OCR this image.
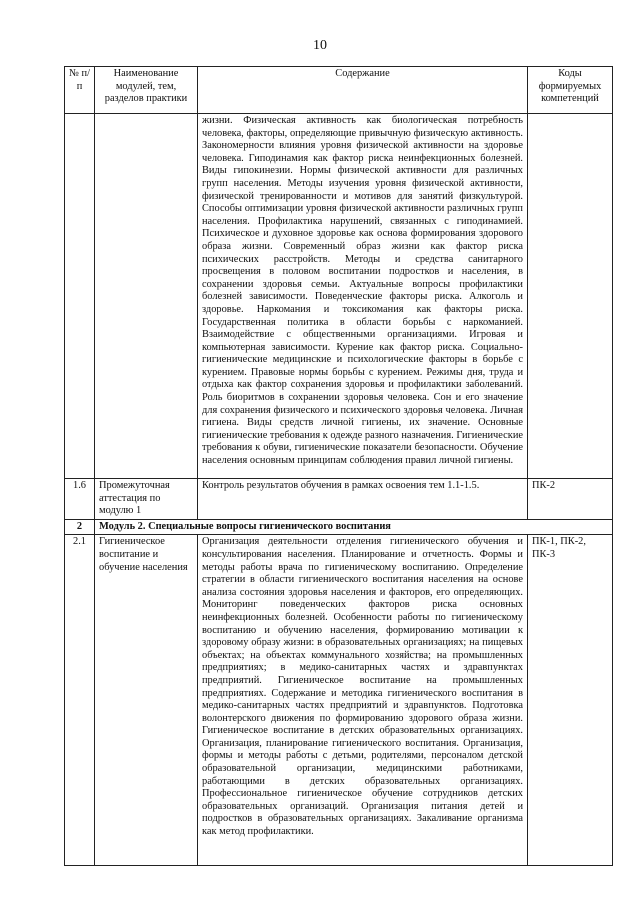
10
№ п/п	Наименование модулей, тем, разделов практики	Содержание	Коды формируемых компетенций

		жизни. Физическая активность как биологическая потребность человека, факторы, определяющие привычную физическую активность. Закономерности влияния уровня физической активности на здоровье человека. Гиподинамия как фактор риска неинфекционных болезней. Виды гипокинезии. Нормы физической активности для различных групп населения. Методы изучения уровня физической активности, физической тренированности и мотивов для занятий физкультурой. Способы оптимизации уровня физической активности различных групп населения. Профилактика нарушений, связанных с гиподинамией. Психическое и духовное здоровье как основа формирования здорового образа жизни. Современный образ жизни как фактор риска психических расстройств. Методы и средства санитарного просвещения в половом воспитании подростков и населения, в сохранении здоровья семьи. Актуальные вопросы профилактики болезней зависимости. Поведенческие факторы риска. Алкоголь и здоровье. Наркомания и токсикомания как факторы риска. Государственная политика в области борьбы с наркоманией. Взаимодействие с общественными организациями. Игровая и компьютерная зависимости. Курение как фактор риска. Социально-гигиенические медицинские и психологические факторы в борьбе с курением. Правовые нормы борьбы с курением. Режимы дня, труда и отдыха как фактор сохранения здоровья и профилактики заболеваний. Роль биоритмов в сохранении здоровья человека. Сон и его значение для сохранения физического и психического здоровья человека. Личная гигиена. Виды средств личной гигиены, их значение. Основные гигиенические требования к одежде разного назначения. Гигиенические требования к обуви, гигиенические показатели безопасности. Обучение населения основным принципам соблюдения правил личной гигиены.	

1.6	Промежуточная аттестация по модулю 1	Контроль результатов обучения в рамках освоения тем 1.1-1.5.	ПК-2
2	Модуль 2. Специальные вопросы гигиенического воспитания		
2.1	Гигиеническое воспитание и обучение населения	Организация деятельности отделения гигиенического обучения и консультирования населения. Планирование и отчетность. Формы и методы работы врача по гигиеническому воспитанию. Определение стратегии в области гигиенического воспитания населения на основе анализа состояния здоровья населения и факторов, его определяющих. Мониторинг поведенческих факторов риска основных неинфекционных болезней. Особенности работы по гигиеническому воспитанию и обучению населения, формированию мотивации к здоровому образу жизни: в образовательных организациях; на пищевых объектах; на объектах коммунального хозяйства; на промышленных предприятиях; в медико-санитарных частях и здравпунктах предприятий. Гигиеническое воспитание на промышленных предприятиях. Содержание и методика гигиенического воспитания в медико-санитарных частях предприятий и здравпунктов. Подготовка волонтерского движения по формированию здорового образа жизни. Гигиеническое воспитание в детских образовательных организациях. Организация, планирование гигиенического воспитания. Организация, формы и методы работы с детьми, родителями, персоналом детской образовательной организации, медицинскими работниками, работающими в детских образовательных организациях. Профессиональное гигиеническое обучение сотрудников детских образовательных организаций. Организация питания детей и подростков в образовательных организациях. Закаливание организма как метод профилактики.	ПК-1, ПК-2, ПК-3
